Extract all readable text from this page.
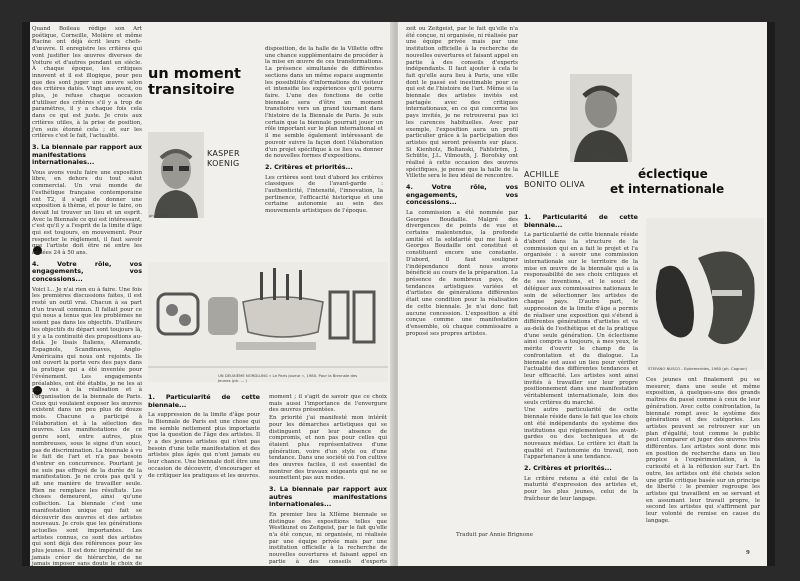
Quand Boileau rédige son Art poétique, Corneille, Molière et même Racine ont déjà écrit leurs chefs-d'œuvre. Il enregistre les critères qui vont justifier les œuvres diverses de Voiture et d'autres pendant un siècle. À chaque époque, les critiques innovent et il est illogique, pour peu que des sont juger une œuvre selon des critères datés. Vingt ans avant, ou plus, je refuse chaque occasion d'utiliser des critères s'il y a trop de paramètres, il y a chaque fois cela dans ce qui est juste. Je crois aux critères utiles, à la prise de position, j'en suis étonné cela ; et sur les critères c'est le fait, l'actualité.

3. La biennale par rapport aux manifestations internationales...

Vous avons voulu faire une exposition libre, en dehors du tout salut commercial. Un vrai monde de l'esthétique française contemporaine ont T2, il s'agit de donner une exposition à thème, et pour le faire, on devait lui trouver un lieu et un esprit. Avec la Biennale ce qui est intéressant, c'est qu'il y a l'esprit de la limite d'âge qui est toujours, en mouvement. Pour respecter le règlement, il faut savoir que l'artiste doit être né entre les années 24 à 50 ans.

4. Votre rôle, vos engagements, vos concessions...

Voici l... Je n'ai rien eu à faire. Une fois les premières discussions faites, il est resté un outil vrai. Chacun à sa part d'un travail commun. Il fallait pour ce qui nous a tenus que les problèmes ne soient pas dans les objectifs. D'ailleurs les objectifs du départ sont toujours là, il y a la continuité des propositions au-delà. Je lisais Italiens, Allemands, Espagnols, Scandinaves, Anglo-Américains qui nous ont rejoints. Ils ont ouvert la porte vers des pays dans la pratique qui a été inventée pour l'événement. Les engagements préalables, ont été établis, je ne les ai pas vus à la réalisation et à l'organisation de la biennale de Paris. Ceux qui voulaient exposer les œuvres existent dans un peu plus de douze mois. Chacune a participé à l'élaboration et à la sélection des œuvres. Les manifestations de ce genre sont, entre autres, plus nombreuses, sous le signe d'un souci, pas de discrimination. La biennale à vu le fait de l'art et n'a pas besoin d'entrer en concurrence. Pourtant je ne suis pas effrayé de la durée de la manifestation. Je ne crois pas qu'il y ait une manière de travailler seule. Rien ne remplace les résultats. Les choses demeurent, ainsi qu'une collection. La biennale c'est une manifestation unique qui fait se découvrir des œuvres et des artistes nouveaux. Je crois que les générations actuelles sont importantes. Les artistes connus, ce sont des artistes qui sont déjà des références pour les plus jeunes. Il est donc impératif de ne jamais créer de hiérarchie, de ne jamais imposer sans doute le choix de ce qui doit être vu.

un moment transitoire
ph. B. Kuhn
KASPER KOENIG

disposition, de la halle de la Villette offre une chance supplémentaire de procéder à la mise en œuvre de ces transformations. La présence simultanée de différentes sections dans un même espace augmente les possibilités d'informations du visiteur et intensifie les expériences qu'il pourra faire. L'une des fonctions de cette biennale sera d'être un moment transitoire vers un grand tournant dans l'histoire de la Biennale de Paris. Je suis certain que la biennale pourrait jouer un rôle important sur le plan international et il me semble également intéressant de pouvoir suivre la façon dont l'élaboration d'un projet spécifique à ce lieu va donner de nouvelles formes d'expositions.

2. Critères et priorités...

Les critères sont tout d'abord les critères classiques de l'avant-garde : l'authenticité, l'intensité, l'innovation, la pertinence, l'efficacité historique et une certaine autonomie au sein des mouvements artistiques de l'époque.

UN DEUXIÈME NORDLUNG « Le Paris Joueur », 1980. Pour la Biennale des Jeunes (ph. ... )
1. Particularité de cette biennale...

La suppression de la limite d'âge pour la Biennale de Paris est une chose qui me semble nettement plus importante que la question de l'âge des artistes. Il y a des jeunes artistes qui n'ont pas besoin d'une telle manifestation et des artistes plus âgés qui n'ont jamais eu leur chance. Une biennale doit être une occasion de découvrir, d'encourager et de critiquer les pratiques et les œuvres.

moment ; il s'agit de savoir que ce choix mais aussi l'importance de l'envergure des œuvres présentées.

En priorité j'ai manifesté mon intérêt pour les démarches artistiques qui se distinguent par leur absence de compromis, et non pas pour celles qui étaient plus représentatives d'une génération, voire d'un style ou d'une tendance. Dans une société où l'on cultive des œuvres faciles, il est essentiel de montrer des travaux exigeants qui ne se soumettent pas aux modes.

3. La biennale par rapport aux autres manifestations internationales...

En premier lieu la XIIème biennale se distingue des expositions telles que Westkunst ou Zeitgeist, par le fait qu'elle n'a été conçue, ni organisée, ni réalisée par une équipe privée mais par une institution officielle à la recherche de nouvelles ouvertures et faisant appel en partie à des conseils d'experts indépendants.

zeit ou Zeitgeist, par le fait qu'elle n'a été conçue, ni organisée, ni réalisée par une équipe privée mais par une institution officielle à la recherche de nouvelles ouvertures et faisant appel en partie à des conseils d'experts indépendants. Il faut ajouter à cela le fait qu'elle aura lieu à Paris, une ville dont le passé est inestimable pour ce qui est de l'histoire de l'art. Même si la biennale des artistes invités est partagée avec des critiques internationaux, en ce qui concerne les pays invités, je ne retrouverai pas ici les carences habituelles. Avec par exemple, l'exposition aura un profil particulier grâce à la participation des artistes qui seront présents sur place. Si Kienholz, Boltanski, Fahlström, J. Schütte, J.L. Vilmouth, J. Borofsky ont réalisé à cette occasion des œuvres spécifiques, je pense que la halle de la Villette sera le lieu idéal de rencontre.

4. Votre rôle, vos engagements, vos concessions...

La commission a été nommée par Georges Boudaille. Malgré des divergences de points de vue et certains malentendus, la profonde amitié et la solidarité qui me liant à Georges Boudaille ont constitué et constituent encore une constante. D'abord, il faut souligner l'indépendance dont nous avons bénéficié au cours de la préparation. La présence de nombreux pays, de tendances artistiques variées et d'artistes de générations différentes était une condition pour la réalisation de cette biennale. Je n'ai donc fait aucune concession. L'exposition a été conçue comme une manifestation d'ensemble, où chaque commissaire a proposé ses propres artistes.

Traduit par Annie Brignone
ph. R. Morgan
ACHILLE
BONITO OLIVA
éclectique
et internationale
1. Particularité de cette biennale...

La particularité de cette biennale réside d'abord dans la structure de la commission qui en a fait le projet et l'a organisée : à savoir une commission internationale sur le territoire de la mise en œuvre de la biennale qui a la responsabilité de ses choix critiques et de ses inventions, et le souci de déléguer aux commissaires nationaux le soin de sélectionner les artistes de chaque pays. D'autre part, le suppression de la limite d'âge a permis de réaliser une exposition qui s'étend à différentes générations d'artistes et va au-delà de l'esthétique et de la pratique d'une seule génération. Un éclectisme ainsi compris a toujours, à mes yeux, le mérite d'ouvrir le champ de la confrontation et du dialogue. La biennale est aussi un lieu pour vérifier l'actualité des différentes tendances et leur efficacité. Les artistes sont ainsi invités à travailler sur leur propre positionnement dans une manifestation véritablement internationale, loin des seuls critères du marché.

Une autre particularité de cette biennale réside dans le fait que les choix ont été indépendants du système des institutions qui réglementent les avant-gardes ou des techniques et de nouveaux médias. Le critère ici était la qualité et l'autonomie du travail, non l'appartenance à une tendance.

2. Critères et priorités...

Le critère retenu a été celui de la maturité d'expression des artistes et, pour les plus jeunes, celui de la fraîcheur de leur langage.

STEFANO NUSCO - Ephemerides, 1980 (ph. Cagnon)

Ces jeunes ont finalement pu se mesurer, dans une seule et même exposition, à quelques-uns des grands maîtres du passé comme à ceux de leur génération. Avec cette confrontation, la biennale rompt avec le système des générations et des catégories. Les artistes peuvent se retrouver sur un plan d'égalité, tout comme le public peut comparer et juger des œuvres très différentes. Les artistes sont donc mis en position de recherche dans un lieu propice à l'expérimentation, à la curiosité et à la réflexion sur l'art. En outre, les artistes ont été choisis selon une grille critique basée sur un principe de liberté : le premier regroupe les artistes qui travaillent en se servant et en assumant leur travail propre, le second les artistes qui s'affirment par leur volonté de remise en cause du langage.

9
